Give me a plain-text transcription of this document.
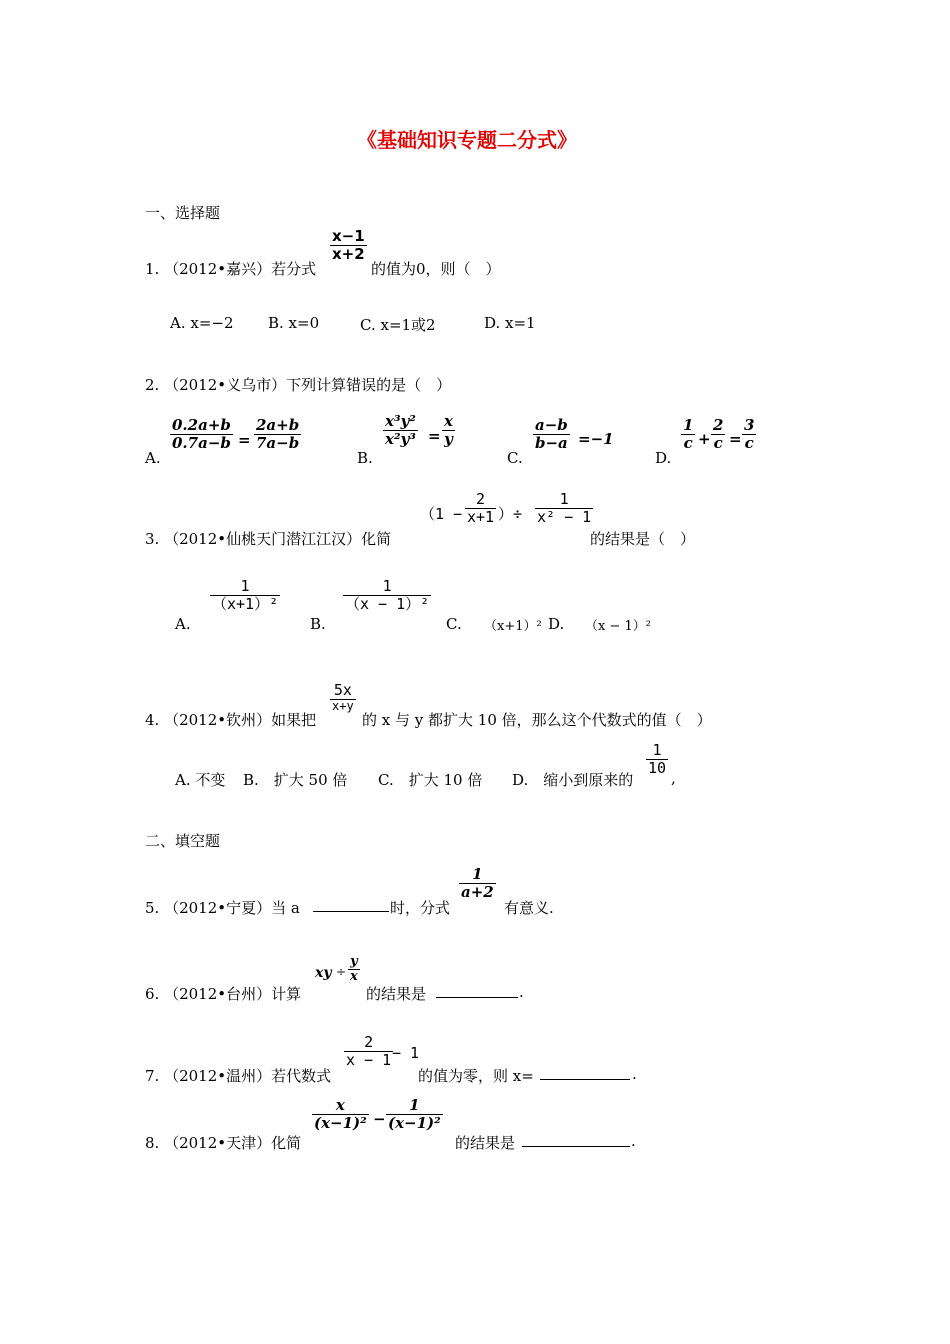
《基础知识专题二分式》
一、选择题
1. （2012•嘉兴）若分式
x−1
x+2
的值为0，则（　）
A. x=−2 B. x=0	C. x=1或2	D. x=1
2. （2012•义乌市）下列计算错误的是（　）
A.
0.2a+b
0.7a−b =
2a+b
7a−b
B.
x³y²
x²y³ =
x
y
C.
a−b
b−a =−1
D.
1
c +
2
c =
3
c
3. （2012•仙桃天门潜江江汉）化简
（1 −
2
x+1 ）÷
1
x² − 1
的结果是（　）
A.
1
（x+1）²
B.
1
（x − 1）²
C. （x+1）² D. （x − 1）²
4. （2012•钦州）如果把
5x
x+y
的 x 与 y 都扩大 10 倍，那么这个代数式的值（　）
A. 不变 B.　扩大 50 倍 C.　扩大 10 倍 D.　缩小到原来的
1
10
,
二、填空题
5. （2012•宁夏）当 a	时，分式
1
a+2
有意义.
6. （2012•台州）计算
xy ÷
y
x
的结果是	.
7. （2012•温州）若代数式
2
x − 1 − 1
的值为零，则 x=	.
8. （2012•天津）化简
x
(x−1)² −
1
(x−1)²
的结果是	.
